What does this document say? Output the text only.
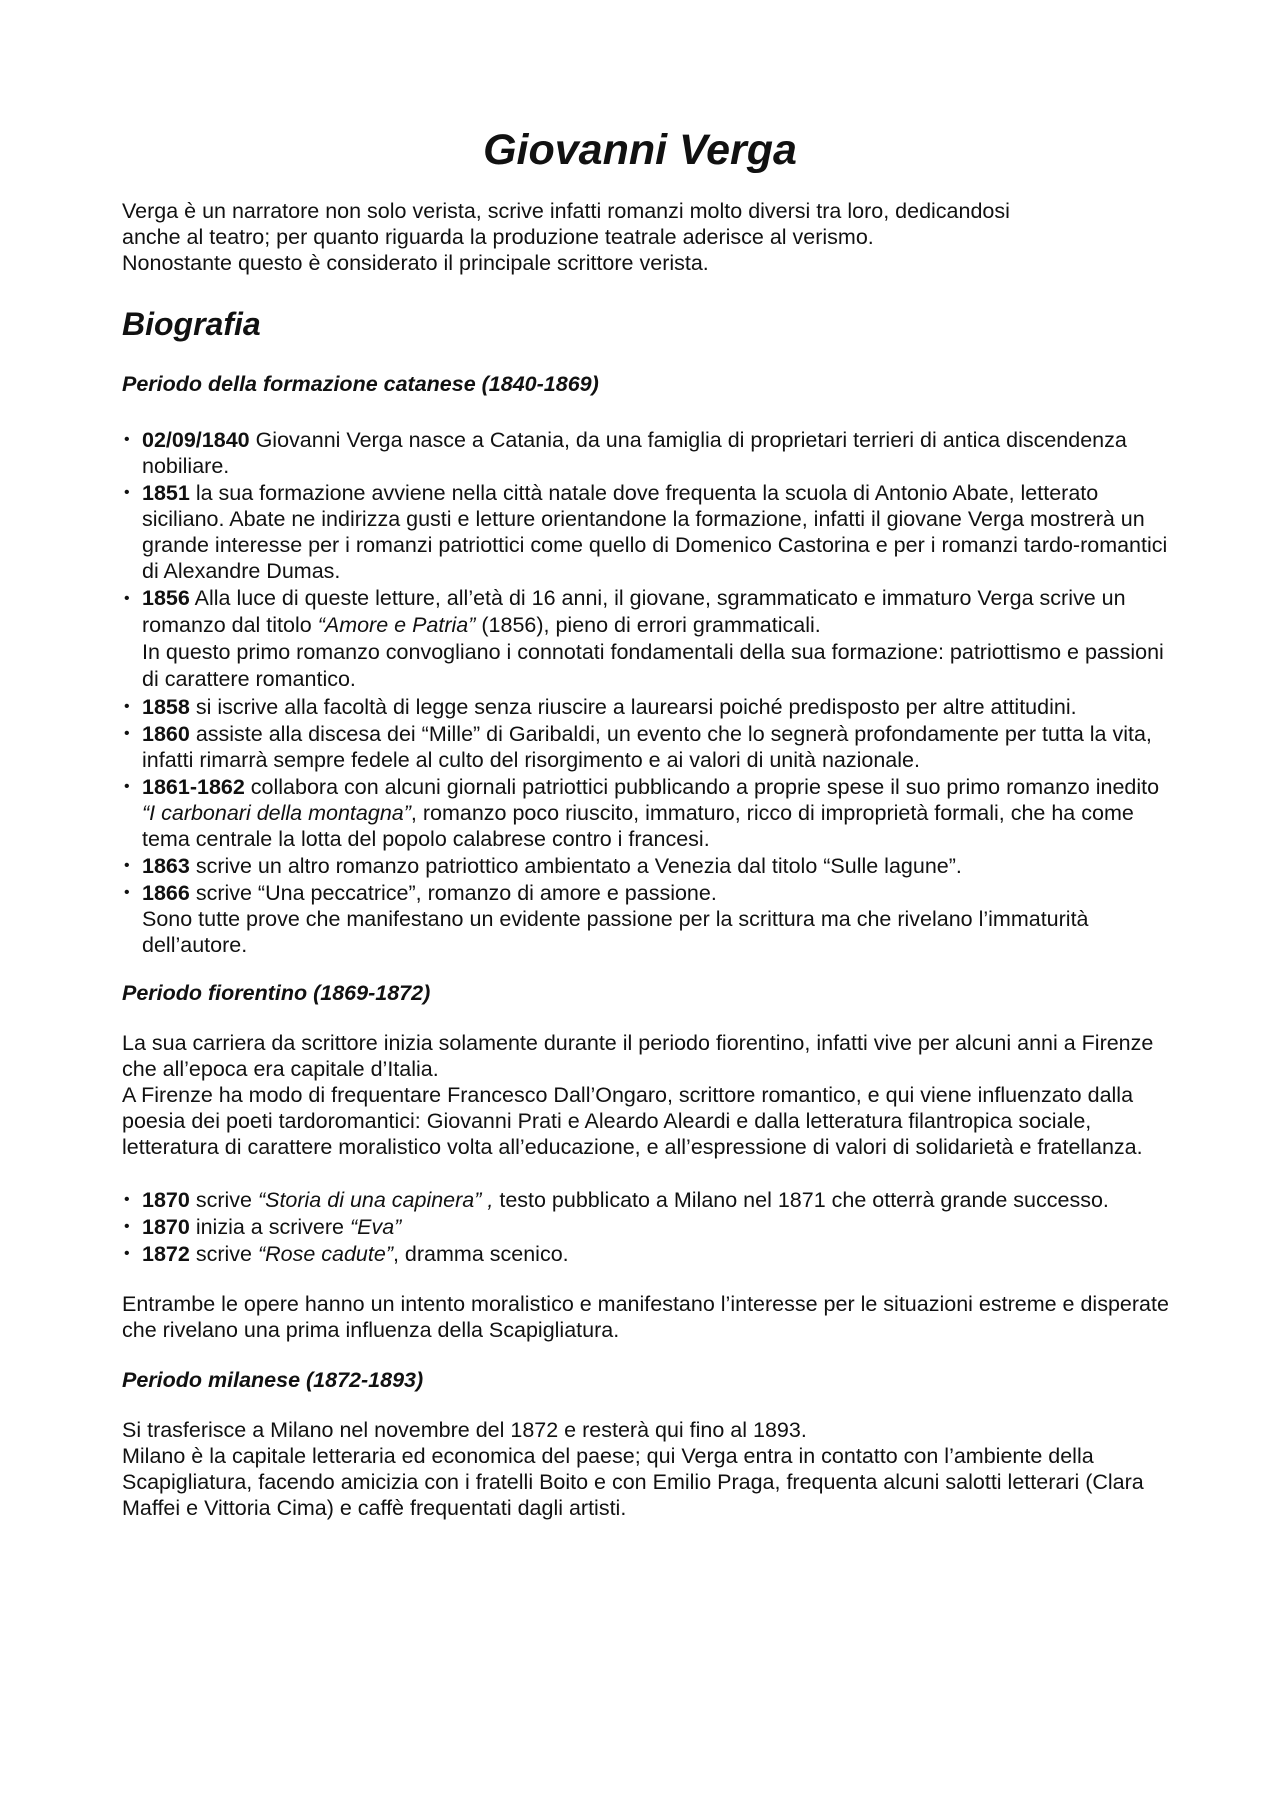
Giovanni Verga

Verga è un narratore non solo verista, scrive infatti romanzi molto diversi tra loro, dedicandosi
anche al teatro; per quanto riguarda la produzione teatrale aderisce al verismo.
Nonostante questo è considerato il principale scrittore verista.

Biografia
Periodo della formazione catanese (1840-1869)
• 02/09/1840 Giovanni Verga nasce a Catania, da una famiglia di proprietari terrieri di antica discendenza nobiliare.
• 1851 la sua formazione avviene nella città natale dove frequenta la scuola di Antonio Abate, letterato siciliano. Abate ne indirizza gusti e letture orientandone la formazione, infatti il giovane Verga mostrerà un grande interesse per i romanzi patriottici come quello di Domenico Castorina e per i romanzi tardo-romantici di Alexandre Dumas.
• 1856 Alla luce di queste letture, all’età di 16 anni, il giovane, sgrammaticato e immaturo Verga scrive un romanzo dal titolo “Amore e Patria” (1856), pieno di errori grammaticali.
In questo primo romanzo convogliano i connotati fondamentali della sua formazione: patriottismo e passioni di carattere romantico.
• 1858 si iscrive alla facoltà di legge senza riuscire a laurearsi poiché predisposto per altre attitudini.
• 1860 assiste alla discesa dei “Mille” di Garibaldi, un evento che lo segnerà profondamente per tutta la vita, infatti rimarrà sempre fedele al culto del risorgimento e ai valori di unità nazionale.
• 1861-1862 collabora con alcuni giornali patriottici pubblicando a proprie spese il suo primo romanzo inedito “I carbonari della montagna”, romanzo poco riuscito, immaturo, ricco di improprietà formali, che ha come tema centrale la lotta del popolo calabrese contro i francesi.
• 1863 scrive un altro romanzo patriottico ambientato a Venezia dal titolo “Sulle lagune”.
• 1866 scrive “Una peccatrice”, romanzo di amore e passione.
Sono tutte prove che manifestano un evidente passione per la scrittura ma che rivelano l’immaturità dell’autore.
Periodo fiorentino (1869-1872)

La sua carriera da scrittore inizia solamente durante il periodo fiorentino, infatti vive per alcuni anni a Firenze che all’epoca era capitale d’Italia.
A Firenze ha modo di frequentare Francesco Dall’Ongaro, scrittore romantico, e qui viene influenzato dalla poesia dei poeti tardoromantici: Giovanni Prati e Aleardo Aleardi e dalla letteratura filantropica sociale, letteratura di carattere moralistico volta all’educazione, e all’espressione di valori di solidarietà e fratellanza.

• 1870 scrive “Storia di una capinera” , testo pubblicato a Milano nel 1871 che otterrà grande successo.
• 1870 inizia a scrivere “Eva”
• 1872 scrive “Rose cadute”, dramma scenico.

Entrambe le opere hanno un intento moralistico e manifestano l’interesse per le situazioni estreme e disperate che rivelano una prima influenza della Scapigliatura.

Periodo milanese (1872-1893)

Si trasferisce a Milano nel novembre del 1872 e resterà qui fino al 1893.
Milano è la capitale letteraria ed economica del paese; qui Verga entra in contatto con l’ambiente della Scapigliatura, facendo amicizia con i fratelli Boito e con Emilio Praga, frequenta alcuni salotti letterari (Clara Maffei e Vittoria Cima) e caffè frequentati dagli artisti.
